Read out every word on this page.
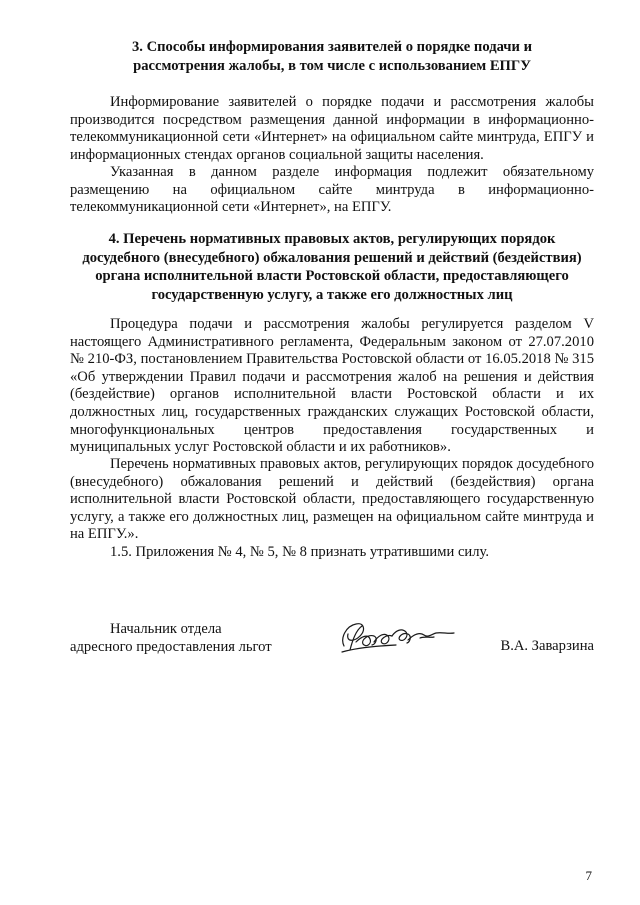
3. Способы информирования заявителей о порядке подачи и
рассмотрения жалобы, в том числе с использованием ЕПГУ
Информирование заявителей о порядке подачи и рассмотрения жалобы производится посредством размещения данной информации в информационно-телекоммуникационной сети «Интернет» на официальном сайте минтруда, ЕПГУ и информационных стендах органов социальной защиты населения.
Указанная в данном разделе информация подлежит обязательному размещению на официальном сайте минтруда в информационно-телекоммуникационной сети «Интернет», на ЕПГУ.
4. Перечень нормативных правовых актов, регулирующих порядок
досудебного (внесудебного) обжалования решений и действий (бездействия)
органа исполнительной власти Ростовской области, предоставляющего
государственную услугу, а также его должностных лиц
Процедура подачи и рассмотрения жалобы регулируется разделом V настоящего Административного регламента, Федеральным законом от 27.07.2010 № 210-ФЗ, постановлением Правительства Ростовской области от 16.05.2018 № 315 «Об утверждении Правил подачи и рассмотрения жалоб на решения и действия (бездействие) органов исполнительной власти Ростовской области и их должностных лиц, государственных гражданских служащих Ростовской области, многофункциональных центров предоставления государственных и муниципальных услуг Ростовской области и их работников».
Перечень нормативных правовых актов, регулирующих порядок досудебного (внесудебного) обжалования решений и действий (бездействия) органа исполнительной власти Ростовской области, предоставляющего государственную услугу, а также его должностных лиц, размещен на официальном сайте минтруда и на ЕПГУ.».
1.5. Приложения № 4, № 5, № 8 признать утратившими силу.
Начальник отдела
адресного предоставления льгот	В.А. Заварзина
7
